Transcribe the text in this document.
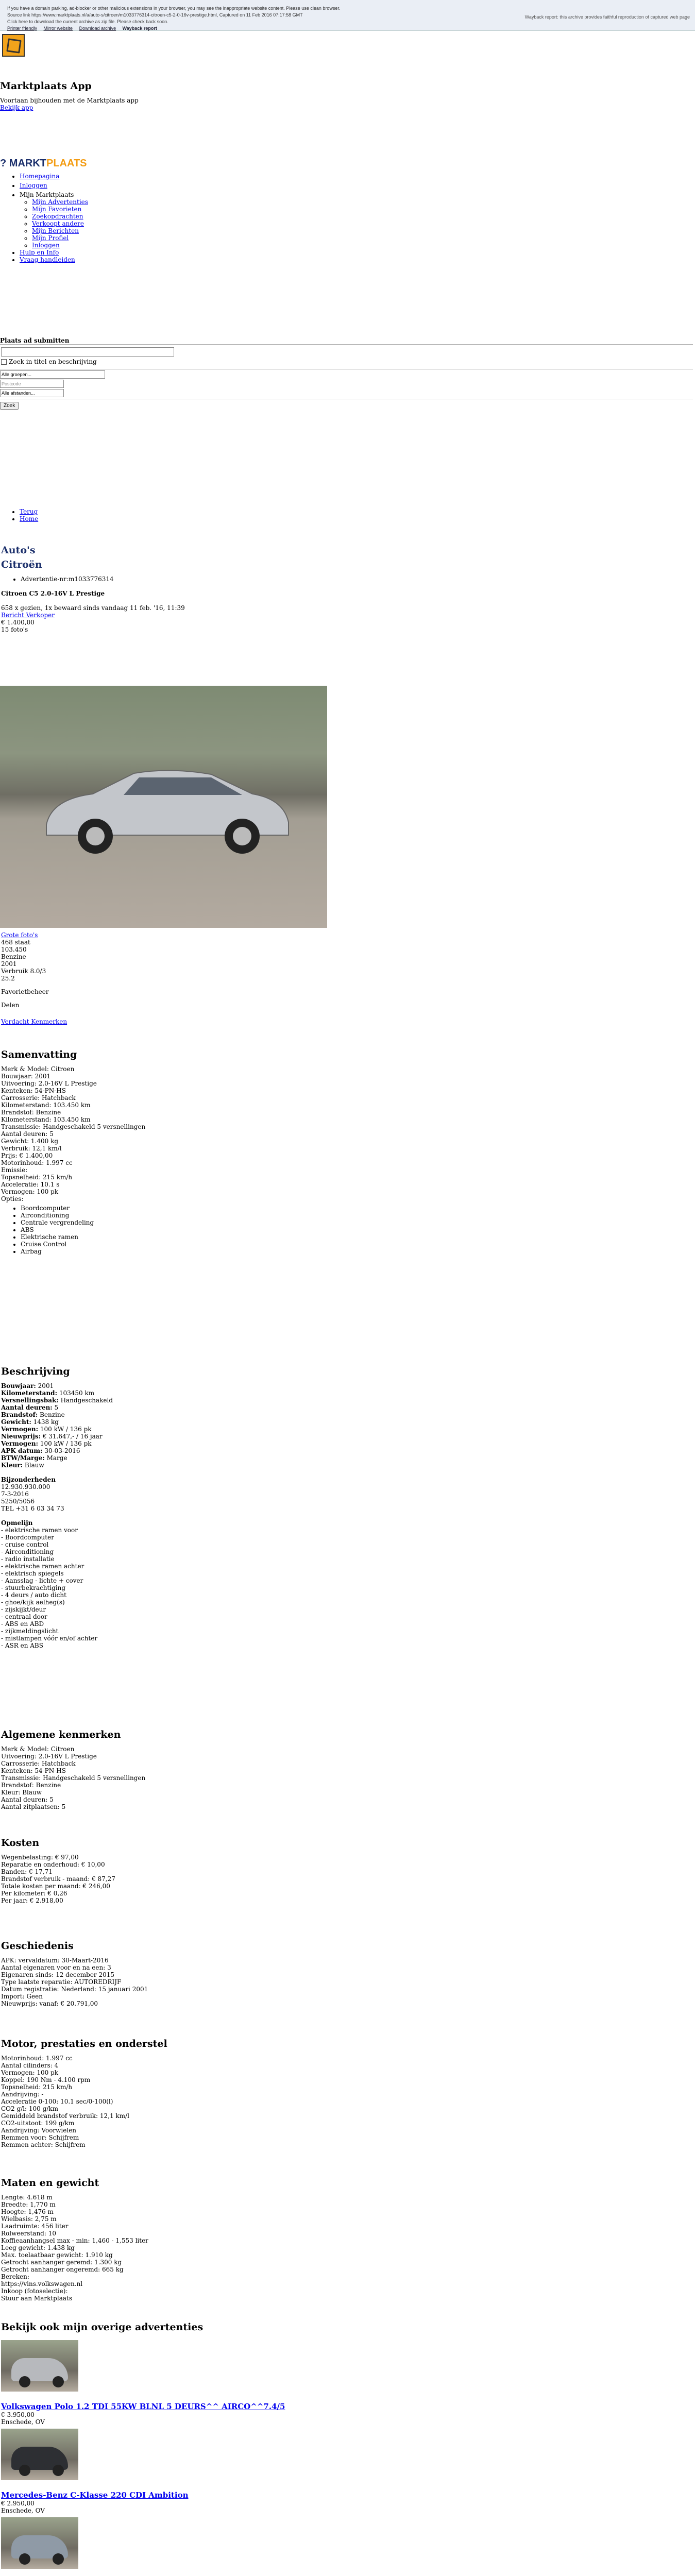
If you have a domain parking, ad-blocker or other malicious extensions in your browser, you may see the inappropriate website content. Please use clean browser.
Source link https://www.marktplaats.nl/a/auto-s/citroen/m1033776314-citroen-c5-2-0-16v-prestige.html, Captured on 11 Feb 2016 07:17:58 GMT
Click here to download the current archive as zip file. Please check back soon.
Printer friendly Mirror website Download archive Wayback report
Marktplaats App
Voortaan bijhouden met de Marktplaats app
Bekijk app
? MARKTPLAATS
• Homepagina
• Inloggen
• Mijn Marktplaats
◦ Mijn Advertenties
◦ Mijn Favorieten
◦ Zoekopdrachten
◦ Verkoopt andere
◦ Mijn Berichten
◦ Mijn Profiel
◦ Inloggen
• Hulp en Info
• Vraag handleiden
Plaats ad submitten
Zoek in titel en beschrijving
Alle groepen...
Postcode
Alle afstanden...
Zoek
• Terug
• Home
Auto's
Citroën
• Advertentie-nr:m1033776314
Citroen C5 2.0-16V L Prestige
658 x gezien, 1x bewaard sinds vandaag 11 feb. '16, 11:39
Bericht Verkoper
€ 1.400,00
15 foto's
Grote foto's
468 staat
103.450
Benzine
2001
Verbruik 8.0/3
25.2
Favorietbeheer
Delen
Verdacht Kenmerken
Samenvatting
Merk & Model: Citroen
Bouwjaar: 2001
Uitvoering: 2.0-16V L Prestige
Kenteken: 54-PN-HS
Carrosserie: Hatchback
Kilometerstand: 103.450 km
Brandstof: Benzine
Kilometerstand: 103.450 km
Transmissie: Handgeschakeld 5 versnellingen
Aantal deuren: 5
Gewicht: 1.400 kg
Verbruik: 12,1 km/l
Prijs: € 1.400,00
Motorinhoud: 1.997 cc
Emissie:
Topsnelheid: 215 km/h
Acceleratie: 10.1 s
Vermogen: 100 pk
Opties:
• Boordcomputer
• Airconditioning
• Centrale vergrendeling
• ABS
• Elektrische ramen
• Cruise Control
• Airbag
Beschrijving
Bouwjaar: 2001
Kilometerstand: 103450 km
Versnellingsbak: Handgeschakeld
Aantal deuren: 5
Brandstof: Benzine
Gewicht: 1438 kg
Vermogen: 100 kW / 136 pk
Nieuwprijs: € 31.647,- / 16 jaar
Vermogen: 100 kW / 136 pk
APK datum: 30-03-2016
BTW/Marge: Marge
Kleur: Blauw
Bijzonderheden
12.930.930.000
7-3-2016
5250/5056
TEL +31 6 03 34 73
Opmelijn
- elektrische ramen voor
- Boordcomputer
- cruise control
- Airconditioning
- radio installatie
- elektrische ramen achter
- elektrisch spiegels
- Aansslag - lichte + cover
- stuurbekrachtiging
- 4 deurs / auto dicht
- ghoe/kijk aelheg(s)
- zijskijkt/deur
- centraal door
- ABS en ABD
- zijkmeldingslicht
- mistlampen vóór en/of achter
- ASR en ABS
Algemene kenmerken
Merk & Model: Citroen
Uitvoering: 2.0-16V L Prestige
Carrosserie: Hatchback
Kenteken: 54-PN-HS
Transmissie: Handgeschakeld 5 versnellingen
Brandstof: Benzine
Kleur: Blauw
Aantal deuren: 5
Aantal zitplaatsen: 5
Kosten
Wegenbelasting: € 97,00
Reparatie en onderhoud: € 10,00
Banden: € 17,71
Brandstof verbruik - maand: € 87,27
Totale kosten per maand: € 246,00
Per kilometer: € 0,26
Per jaar: € 2.918,00
Geschiedenis
APK: vervaldatum: 30-Maart-2016
Aantal eigenaren voor en na een: 3
Eigenaren sinds: 12 december 2015
Type laatste reparatie: AUTOREDRIJF
Datum registratie: Nederland: 15 januari 2001
Import: Geen
Nieuwprijs: vanaf: € 20.791,00
Motor, prestaties en onderstel
Motorinhoud: 1.997 cc
Aantal cilinders: 4
Vermogen: 100 pk
Koppel: 190 Nm - 4.100 rpm
Topsnelheid: 215 km/h
Aandrijving: -
Acceleratie 0-100: 10.1 sec/0-100(l)
CO2 g/l: 100 g/km
Gemiddeld brandstof verbruik: 12,1 km/l
CO2-uitstoot: 199 g/km
Aandrijving: Voorwielen
Remmen voor: Schijfrem
Remmen achter: Schijfrem
Maten en gewicht
Lengte: 4.618 m
Breedte: 1,770 m
Hoogte: 1,476 m
Wielbasis: 2,75 m
Laadruimte: 456 liter
Rolweerstand: 10
Koffieaanhangsel max - min: 1,460 - 1,553 liter
Leeg gewicht: 1.438 kg
Max. toelaatbaar gewicht: 1.910 kg
Getrocht aanhanger geremd: 1.300 kg
Getrocht aanhanger ongeremd: 665 kg
Bereken:
https://vins.volkswagen.nl
Inkoop (fotoselectie):
Stuur aan Marktplaats
Bekijk ook mijn overige advertenties
Volkswagen Polo 1.2 TDI 55KW BLNL 5 DEURS^^ AIRCO^^7.4/5
€ 3.950,00
Enschede, OV
Mercedes-Benz C-Klasse 220 CDI Ambition
€ 2.950,00
Enschede, OV
Wayback report: this archive provides faithful reproduction of captured web page
